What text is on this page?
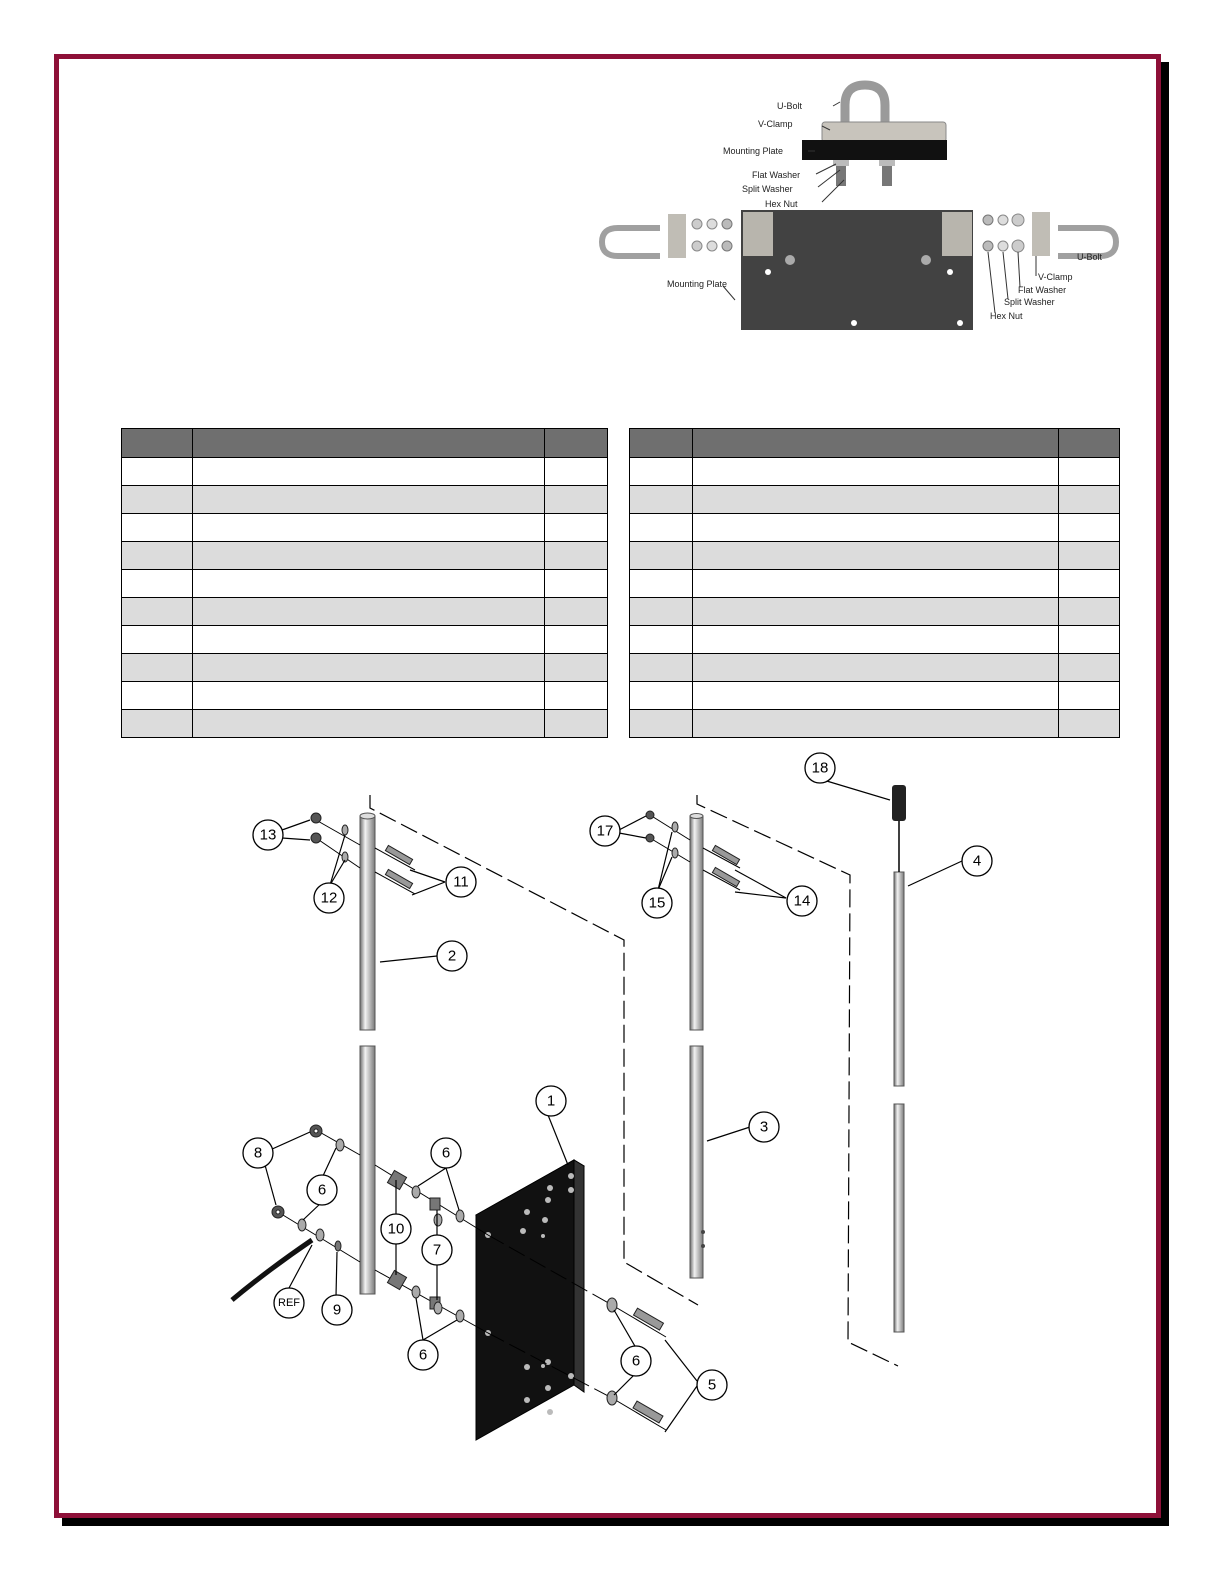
U-Bolt
V-Clamp
Mounting Plate
Flat Washer
Split Washer
Hex Nut
Mounting Plate
V-Clamp
U-Bolt
Flat Washer
Split Washer
Hex Nut

1
2
3
4
5
6
6
6	6
7
8
9
10
11
12
13
14
15
17
18
REF
